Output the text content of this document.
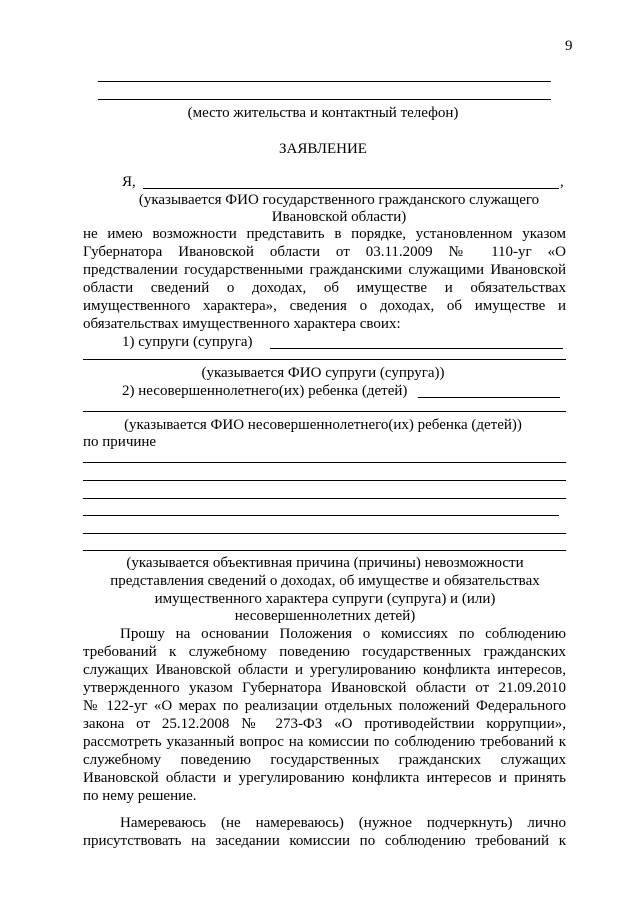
9
(место жительства и контактный телефон)
ЗАЯВЛЕНИЕ
Я,	,
(указывается ФИО государственного гражданского служащего
Ивановской области)
не имею возможности представить в порядке, установленном указом
Губернатора Ивановской области от 03.11.2009 № 110-уг «О
предствалении государственными гражданскими служащими Ивановской
области сведений о доходах, об имуществе и обязательствах
имущественного характера», сведения о доходах, об имуществе и
обязательствах имущественного характера своих:
1) супруги (супруга)
(указывается ФИО супруги (супруга))
2) несовершеннолетнего(их) ребенка (детей)
(указывается ФИО несовершеннолетнего(их) ребенка (детей))
по причине
(указывается объективная причина (причины) невозможности
представления сведений о доходах, об имуществе и обязательствах
имущественного характера супруги (супруга) и (или)
несовершеннолетних детей)
Прошу на основании Положения о комиссиях по соблюдению
требований к служебному поведению государственных гражданских
служащих Ивановской области и урегулированию конфликта интересов,
утвержденного указом Губернатора Ивановской области от 21.09.2010
№ 122-уг «О мерах по реализации отдельных положений Федерального
закона от 25.12.2008 № 273-ФЗ «О противодействии коррупции»,
рассмотреть указанный вопрос на комиссии по соблюдению требований к
служебному поведению государственных гражданских служащих
Ивановской области и урегулированию конфликта интересов и принять
по нему решение.
Намереваюсь (не намереваюсь) (нужное подчеркнуть) лично
присутствовать на заседании комиссии по соблюдению требований к
